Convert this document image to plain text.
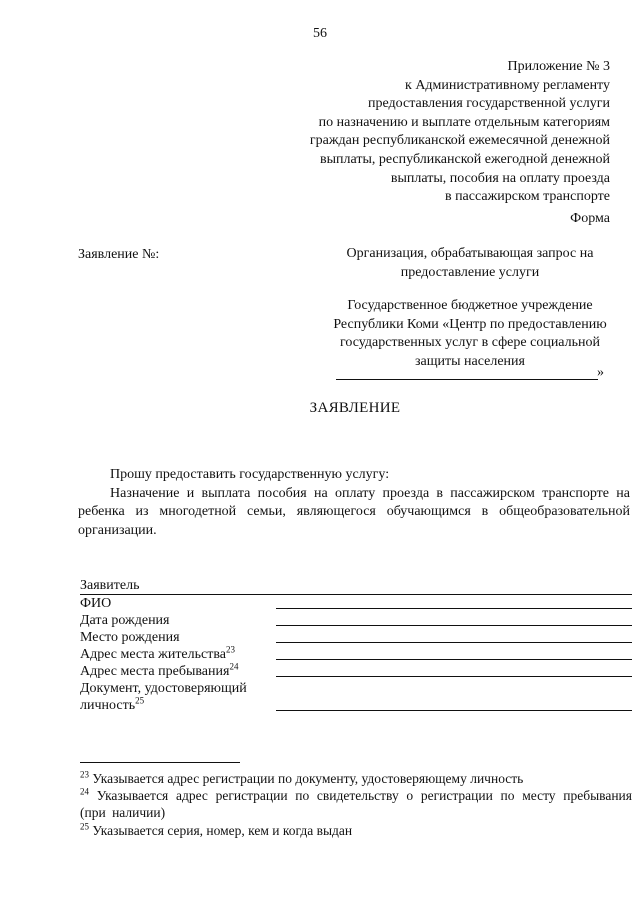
56
Приложение № 3
к Административному регламенту
предоставления государственной услуги
по назначению и выплате отдельным категориям
граждан республиканской ежемесячной денежной
выплаты, республиканской ежегодной денежной
выплаты, пособия на оплату проезда
в пассажирском транспорте
Форма
Заявление №:	Организация, обрабатывающая запрос на
предоставление услуги
Государственное бюджетное учреждение
Республики Коми «Центр по предоставлению
государственных услуг в сфере социальной
защиты населения
»
ЗАЯВЛЕНИЕ

Прошу предоставить государственную услугу:

Назначение и выплата пособия на оплату проезда в пассажирском транспорте на ребенка из многодетной семьи, являющегося обучающимся в общеобразовательной организации.

Заявитель
ФИО
Дата рождения
Место рождения
Адрес места жительства$^{23}$
Адрес места пребывания$^{24}$
Документ, удостоверяющий
личность$^{25}$

$^{23}$ Указывается адрес регистрации по документу, удостоверяющему личность

$^{24}$ Указывается адрес регистрации по свидетельству о регистрации по месту пребывания (при наличии)

$^{25}$ Указывается серия, номер, кем и когда выдан
